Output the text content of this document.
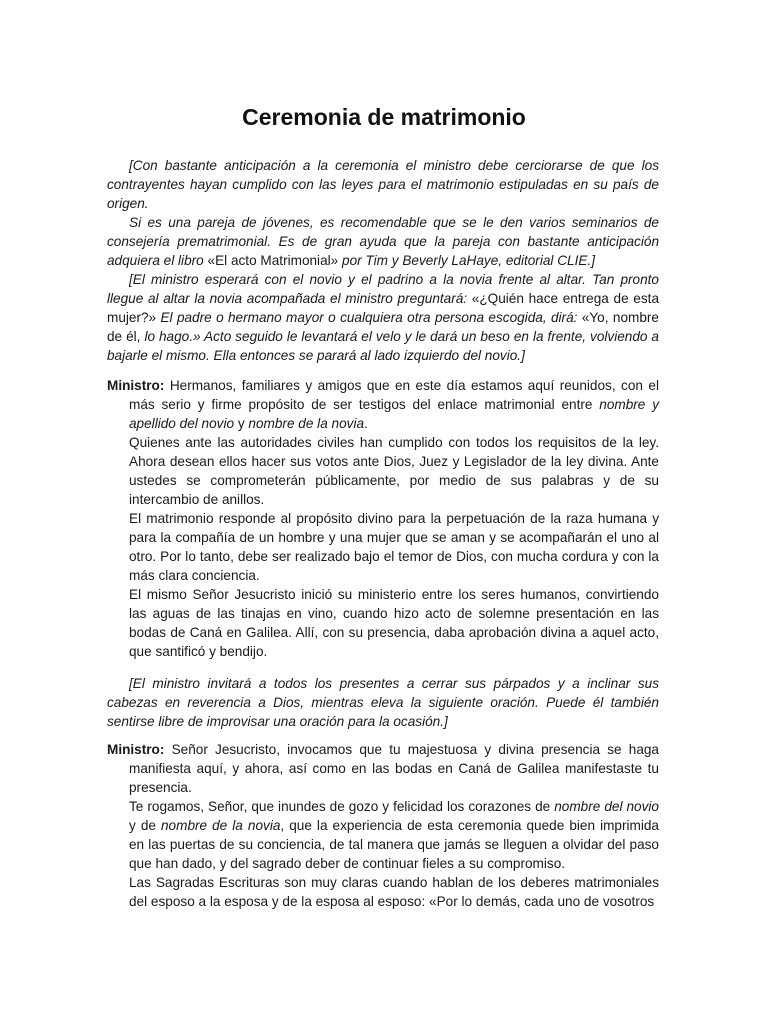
Ceremonia de matrimonio

[Con bastante anticipación a la ceremonia el ministro debe cerciorarse de que los contrayentes hayan cumplido con las leyes para el matrimonio estipuladas en su país de origen.

Si es una pareja de jóvenes, es recomendable que se le den varios seminarios de consejería prematrimonial. Es de gran ayuda que la pareja con bastante anticipación adquiera el libro «El acto Matrimonial» por Tim y Beverly LaHaye, editorial CLIE.]

[El ministro esperará con el novio y el padrino a la novia frente al altar. Tan pronto llegue al altar la novia acompañada el ministro preguntará: «¿Quién hace entrega de esta mujer?» El padre o hermano mayor o cualquiera otra persona escogida, dirá: «Yo, nombre de él, lo hago.» Acto seguido le levantará el velo y le dará un beso en la frente, volviendo a bajarle el mismo. Ella entonces se parará al lado izquierdo del novio.]

Ministro: Hermanos, familiares y amigos que en este día estamos aquí reunidos, con el más serio y firme propósito de ser testigos del enlace matrimonial entre nombre y apellido del novio y nombre de la novia.

Quienes ante las autoridades civiles han cumplido con todos los requisitos de la ley. Ahora desean ellos hacer sus votos ante Dios, Juez y Legislador de la ley divina. Ante ustedes se comprometerán públicamente, por medio de sus palabras y de su intercambio de anillos.

El matrimonio responde al propósito divino para la perpetuación de la raza humana y para la compañía de un hombre y una mujer que se aman y se acompañarán el uno al otro. Por lo tanto, debe ser realizado bajo el temor de Dios, con mucha cordura y con la más clara conciencia.

El mismo Señor Jesucristo inició su ministerio entre los seres humanos, convirtiendo las aguas de las tinajas en vino, cuando hizo acto de solemne presentación en las bodas de Caná en Galilea. Allí, con su presencia, daba aprobación divina a aquel acto, que santificó y bendijo.

[El ministro invitará a todos los presentes a cerrar sus párpados y a inclinar sus cabezas en reverencia a Dios, mientras eleva la siguiente oración. Puede él también sentirse libre de improvisar una oración para la ocasión.]

Ministro: Señor Jesucristo, invocamos que tu majestuosa y divina presencia se haga manifiesta aquí, y ahora, así como en las bodas en Caná de Galilea manifestaste tu presencia.

Te rogamos, Señor, que inundes de gozo y felicidad los corazones de nombre del novio y de nombre de la novia, que la experiencia de esta ceremonia quede bien imprimida en las puertas de su conciencia, de tal manera que jamás se lleguen a olvidar del paso que han dado, y del sagrado deber de continuar fieles a su compromiso.

Las Sagradas Escrituras son muy claras cuando hablan de los deberes matrimoniales del esposo a la esposa y de la esposa al esposo: «Por lo demás, cada uno de vosotros
